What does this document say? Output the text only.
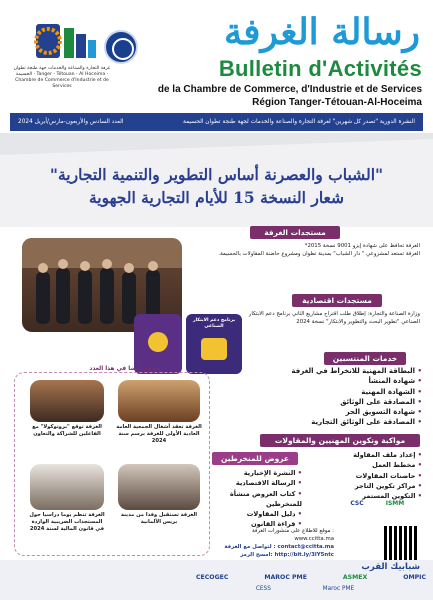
غرفة التجارة والصناعة والخدمات جهة طنجة تطوان الحسيمة · Tanger - Tétouan - Al Hoceima · Chambre de Commerce d'Industrie et de Services
رسالة الغرفة
Bulletin d'Activités
de la Chambre de Commerce, d'Industrie et de Services
Région Tanger-Tétouan-Al-Hoceima
النشرة الدورية "تصدر كل شهرين" لغرفة التجارة والصناعة والخدمات لجهة طنجة تطوان الحسيمة
العدد السادس والأربعون-مارس/أبريل 2024
"الشباب والعصرنة أساس التطوير والتنمية التجارية"
شعار النسخة 15 للأيام التجارية الجهوية
برنامج دعم الابتكار الصناعي
مستجدات الغرفة
الغرفة تحافظ على شهادة إيزو 9001 نسخة 2015*
الغرفة تستعد لمشروعي " دار الشباب" بمدينة تطوان ومشروع حاضنة المقاولات بالحسيمة.
مستجدات اقتصادية
وزارة الصناعة والتجارة: إطلاق طلب اقتراح مشاريع الثاني برنامج دعم الابتكار الصناعي "تطوير البحث والتطوير والابتكار" نسخة 2024
خدمات المنتسبين
• البطاقة المهنية للانخراط في الغرفة
• شهادة المنشأ
• الشهادة المهنية
• المصادقة على الوثائق
• شهادة التسويق الحر
• المصادقة على الوثائق التجارية
مواكبة وتكوين المهنيين والمقاولات
عروض للمنخرطين
•	إعداد ملف المقاولة
• مخطط العمل
• حاضنات المقاولات
• مراكز تكوين التاجر
• التكوين المستمر
• النشرة الإخبارية
• الرسالة الاقتصادية
• كتاب العروض منشأة للمنخرطين
• دليل المقاولات
• قراءة القانون
تجدون أيضا في هذا العدد
الغرفة توقع "بروتوكولا" مع الفاعلين للشراكة والتعاون
الغرفة تعقد أشغال الجمعية العامة العادية الأولى للغرفة برسم سنة 2024
الغرفة تنظم يوما دراسيا حول المستجدات الضريبية الواردة في قانون المالية لسنة 2024
الغرفة تستقبل وفدا من مدينة بريس الألمانية
موقع للاطلاع على منشورات الغرفة : www.ccitta.ma
لتواصل مع الغرفة : contact@ccitta.ma
امسح الرمز: http://bit.ly/3lY5ntc
CSC	ISMM
شبابيك القرب
CECOGEC	MAROC PME	ASMEX	OMPIC
CESS	Maroc PME
